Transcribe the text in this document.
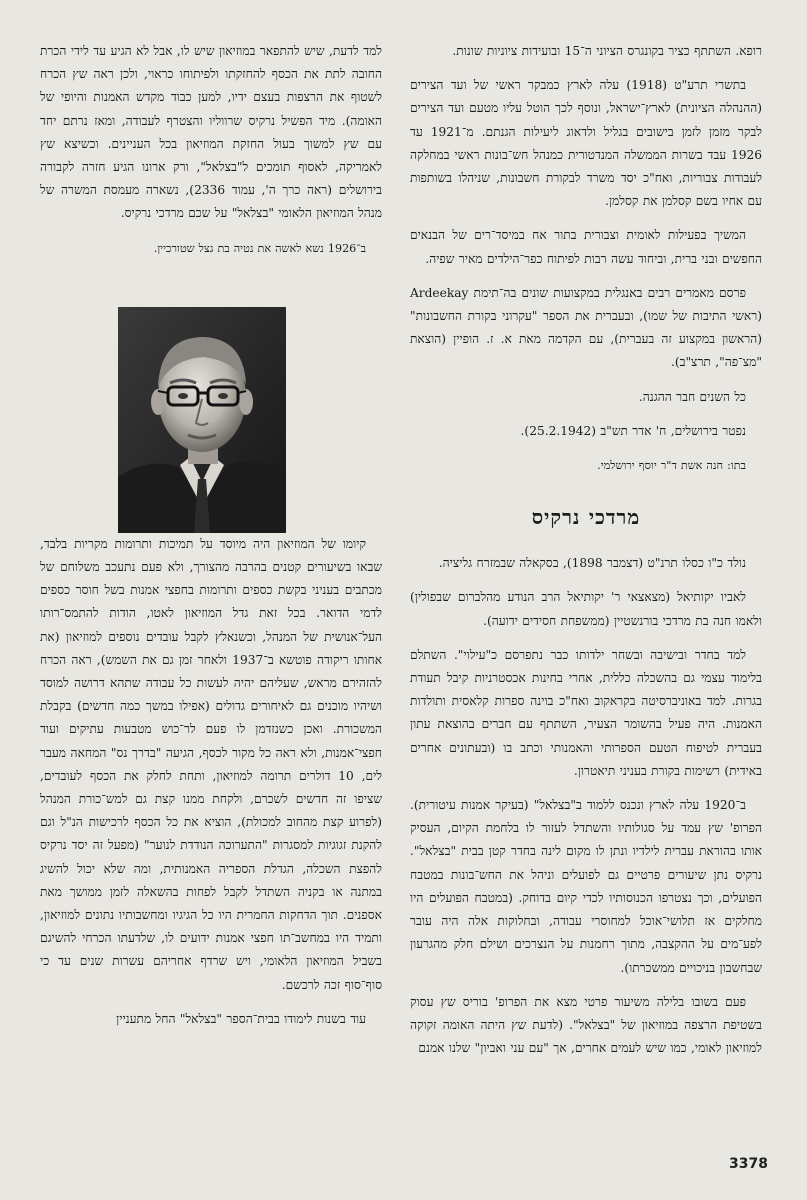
רופא. השתתף כציר בקונגרס הציוני ה־15 ובועידות ציוניות שונות.

בתשרי תרע"ט (1918) עלה לארץ כמבקר ראשי של ועד הצירים (ההנהלה הציונית) לארץ־ישראל, ונוסף לכך הוטל עליו מטעם ועד הצירים לבקר מזמן לזמן בישובים בגליל ולדאוג ליעילות הגנתם. מ־1921 עד 1926 עבד בשרות הממשלה המנדטורית כמנהל חש־בונות ראשי במחלקה לעבודות צבוריות, ואח"כ יסד משרד לבקורת חשבונות, שניהלו בשותפות עם אחיו בשם קסלמן את קסלמן.

המשיך בפעילות לאומית וצבורית בתור אח במיסד־רים של הבנאים החפשים ובני ברית, וביחוד עשה רבות לפיתוח כפר־הילדים מאיר שפיה.

פרסם מאמרים רבים באנגלית במקצועות שונים בה־תימת Ardeekay (ראשי התיבות של שמו), ובעברית את הספר "עקרוני בקורת החשבונות" (הראשון במקצוע זה בעברית), עם הקדמה מאת א. ז. הופיין (הוצאת "מצ־פה", תרצ"ב).

כל השנים חבר ההגנה.

נפטר בירושלים, ח' אדר תש"ב (25.2.1942).

בתו: חנה אשת ד"ר יוסף ירושלמי.

מרדכי נרקיס

נולד כ"ו כסלו תרנ"ט (דצמבר 1898), בסקאלה שבמזרח גליציה.

לאביו יקותיאל (מצאצאי ר' יקותיאל הרב הנודע מהלברום שבפולין) ולאמו חנה בת מרדכי בורנשטיין (ממשפחת חסידים ידועה).

למד בחדר ובישיבה ובשחר ילדותו כבר נתפרסם כ"עילוי". השתלם בלימוד עצמי גם בהשכלה כללית, אחרי בחינות אכסטרניות קיבל תעודת בגרות. למד באוניברסיטה בקראקוב ואח"כ בוינה ספרות קלאסית ותולדות האמנות. היה פעיל בהשומר הצעיר, השתתף עם חברים בהוצאת עתון בעברית לטיפוח הטעם הספרותי והאמנותי וכתב בו (ובעתונים אחרים באידית) רשימות בקורת בעניני תיאטרון.

ב־1920 עלה לארץ ונכנס ללמוד ב"בצלאל" (בעיקר אמנות עיטורית). הפרופ' שץ עמד על סגולותיו והשתדל לעזור לו בלחמת הקיום, העסיק אותו בהוראת עברית לילדיו ונתן לו מקום לינה בחדר קטן בבית "בצלאל". נרקיס נתן שיעורים פרטיים גם לפועלים וניהל את החש־בונות במטבח הפועלים, וכך נצטרפו הכנוסותיו לכדי קיום בדוחק. (במטבח הפועלים היו מחלקים אז תלושי־אוכל למחוסרי עבודה, ובחלוקות אלה היה עובר לפע־מים על ההקצבה, מתוך רחמנות על הנצרכים ושילם חלק מהגרעון שבחשבון בניכויים ממשכרתו).

פעם בשובו בלילה משיעור פרטי מצא את הפרופ' בוריס שץ עסוק בשטיפת הרצפה במוזיאון של "בצלאל". (לדעת שץ היתה האומה זקוקה למוזיאון לאומי, כמו שיש לעמים אחרים, אך "עם עני ואביון" שלנו אמנם

למד לדעת, שיש להתפאר במוזיאון שיש לו, אבל לא הגיע עד לידי הכרת החובה לתת את הכסף להחזקתו ולפיתוחו כראוי, ולכן ראה שץ הכרח לשטוף את הרצפות בעצם ידיו, למען כבוד מקדש האמנות והיופי של האומה). מיד הפשיל נרקיס שרווליו והצטרף לעבודה, ומאז נרתם יחד עם שץ למשוך בעול החזקת המוזיאון בכל העניינים. וכשיצא שץ לאמריקה, לאסוף תומכים ל"בצלאל", ורק ארונו הגיע חזרה לקבורה בירושלים (ראה כרך ה', עמוד 2336), נשארה מעמסת המשרה של מנהל המוזיאון הלאומי "בצלאל" על שכם מרדכי נרקיס.

ב־1926 נשא לאשה את נטיה בת גצל שטורכיין.

קיומו של המוזיאון היה מיוסד על תמיכות ותרומות מקריות בלבד, שבאו בשיעורים קטנים בהרבה מהצורך, ולא פעם נתעכב משלוחם של מכתבים בעניני בקשת כספים ותרומות בחפצי אמנות בשל חוסר כספים לדמי הדואר. בכל זאת גדל המוזיאון לאטו, הודות להתמס־רותו העל־אנושית של המנהל, וכשנאלץ לקבל עובדים נוספים למוזיאון (את אחותו ריקודה פוטשא ב־1937 ולאחר זמן גם את השמש), ראה הכרח להזהירם מראש, שעליהם יהיה לעשות כל עבודה שתהא דרושה למוסד ושיהיו מוכנים גם לאיחורים גדולים (אפילו במשך כמה חדשים) בקבלת המשכורת. ואכן כשנזדמן לו פעם לר־כוש מטבעות עתיקים ועוד חפצי־אמנות, ולא ראה כל מקור לכסף, הגיעה "בדרך נס" המחאה מעבר לים, 10 דולרים תרומה למוזיאון, ותחת לחלק את הכסף לעובדים, שציפו זה חדשים לשכרם, ולקחת ממנו קצת גם למש־כורת המנהל (לפרוע קצת מהחוב למכולת), הוציא את כל הכסף לרכישות הנ"ל וגם להקנת זגוגיות למסגרות "התערוכה הנודדת לנוער" (מפעל זה יסד נרקיס להפצת השכלה, הגדלת הספריה האמנותית, ומה שלא יכול להשיג במתנה או בקניה השתדל לקבל לפחות בהשאלה לזמן ממושך מאת אספנים. תוך הדחקות החמרית היו כל הגיגיו ומחשבותיו נתונים למוזיאון, ותמיד היו במחשב־תו חפצי אמנות ידועים לו, שלדעתו הכרחי להשיגם בשביל המוזיאון הלאומי, ויש שרדף אחריהם עשרות שנים עד כי סוף־סוף זכה לרכשם.

עוד בשנות לימודו בבית־הספר "בצלאל" החל מתעניין

3378
